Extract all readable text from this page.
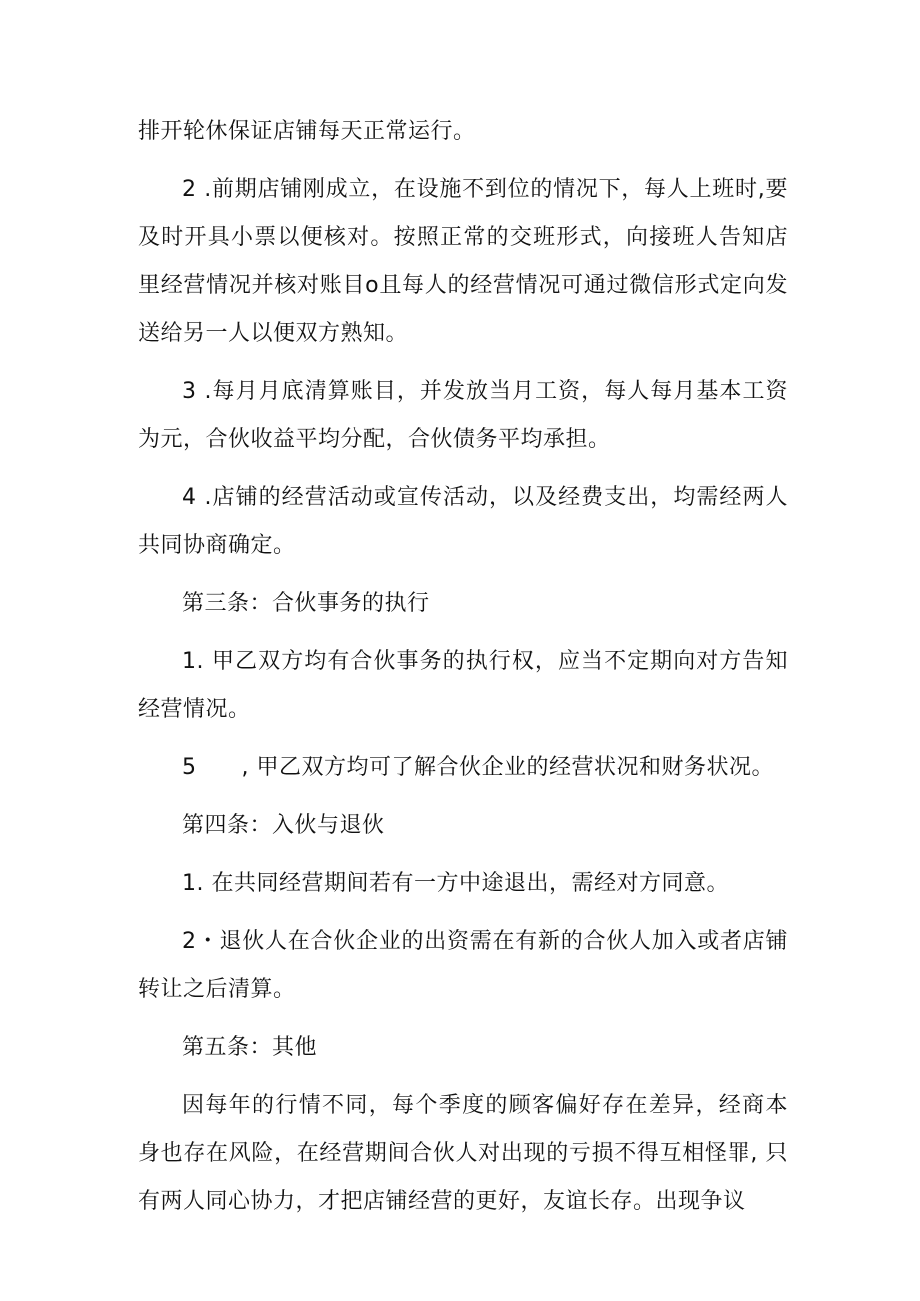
排开轮休保证店铺每天正常运行。

2 .前期店铺刚成立，在设施不到位的情况下，每人上班时,要及时开具小票以便核对。按照正常的交班形式，向接班人告知店里经营情况并核对账目o且每人的经营情况可通过微信形式定向发送给另一人以便双方熟知。

3 .每月月底清算账目，并发放当月工资，每人每月基本工资为元，合伙收益平均分配，合伙债务平均承担。

4 .店铺的经营活动或宣传活动，以及经费支出，均需经两人共同协商确定。

第三条：合伙事务的执行

1. 甲乙双方均有合伙事务的执行权，应当不定期向对方告知经营情况。

5　　, 甲乙双方均可了解合伙企业的经营状况和财务状况。

第四条：入伙与退伙

1. 在共同经营期间若有一方中途退出，需经对方同意。

2・退伙人在合伙企业的出资需在有新的合伙人加入或者店铺转让之后清算。

第五条：其他

因每年的行情不同，每个季度的顾客偏好存在差异，经商本身也存在风险，在经营期间合伙人对出现的亏损不得互相怪罪, 只有两人同心协力，才把店铺经营的更好，友谊长存。出现争议
